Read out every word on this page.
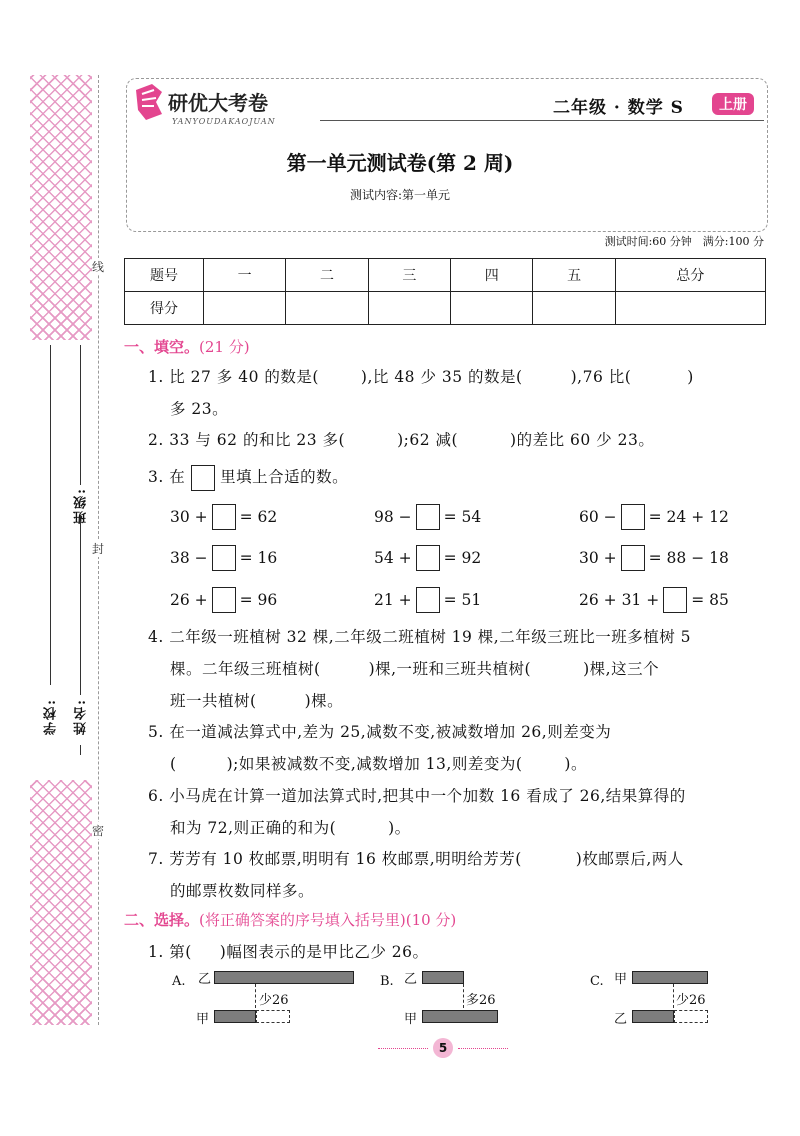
线
封
密
班级:
姓名:
学校:
研优大考卷
YANYOUDAKAOJUAN
二年级 · 数学 S	上册
第一单元测试卷(第 2 周)
测试内容:第一单元
测试时间:60 分钟　满分:100 分
题号	一	二	三	四	五	总分
得分						
一、填空。(21 分)
1. 比 27 多 40 的数是(	),比 48 少 35 的数是(	),76 比(	)
多 23。
2. 33 与 62 的和比 23 多(	);62 减(	)的差比 60 少 23。
3. 在 里填上合适的数。
30 + = 62	98 − = 54	60 − = 24 + 12
38 − = 16	54 + = 92	30 + = 88 − 18
26 + = 96	21 + = 51	26 + 31 + = 85
4. 二年级一班植树 32 棵,二年级二班植树 19 棵,二年级三班比一班多植树 5
棵。二年级三班植树(	)棵,一班和三班共植树(	)棵,这三个
班一共植树(	)棵。
5. 在一道减法算式中,差为 25,减数不变,被减数增加 26,则差变为
(	);如果被减数不变,减数增加 13,则差变为(	)。
6. 小马虎在计算一道加法算式时,把其中一个加数 16 看成了 26,结果算得的
和为 72,则正确的和为(	)。
7. 芳芳有 10 枚邮票,明明有 16 枚邮票,明明给芳芳(	)枚邮票后,两人
的邮票枚数同样多。
二、选择。(将正确答案的序号填入括号里)(10 分)
1. 第( )幅图表示的是甲比乙少 26。
A. 乙
少26
甲
B. 乙
多26
甲
C. 甲
少26
乙
5
